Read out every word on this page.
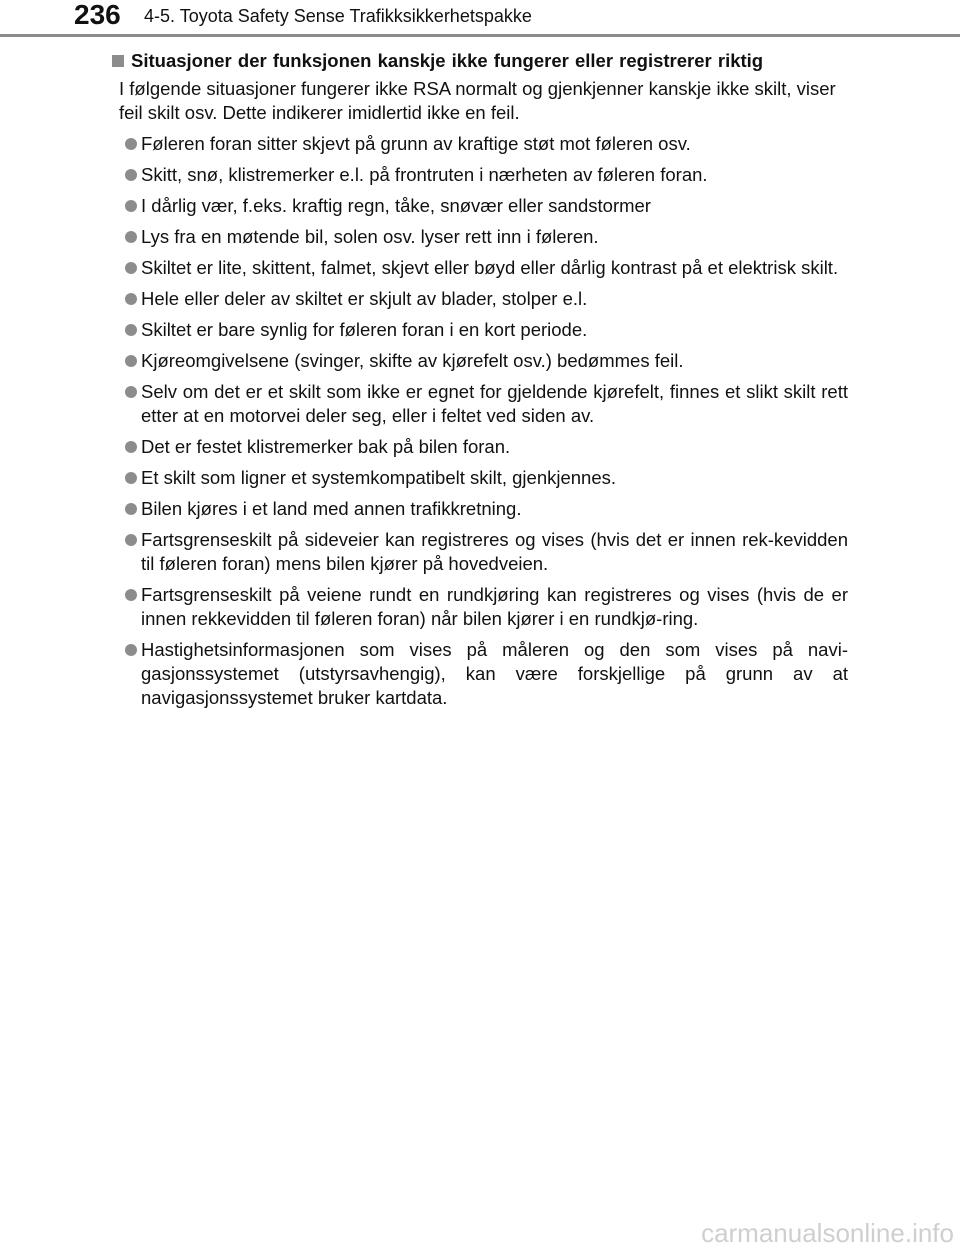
236 4-5. Toyota Safety Sense Trafikksikkerhetspakke
Situasjoner der funksjonen kanskje ikke fungerer eller registrerer riktig
I følgende situasjoner fungerer ikke RSA normalt og gjenkjenner kanskje ikke skilt, viser feil skilt osv. Dette indikerer imidlertid ikke en feil.
Føleren foran sitter skjevt på grunn av kraftige støt mot føleren osv.
Skitt, snø, klistremerker e.l. på frontruten i nærheten av føleren foran.
I dårlig vær, f.eks. kraftig regn, tåke, snøvær eller sandstormer
Lys fra en møtende bil, solen osv. lyser rett inn i føleren.
Skiltet er lite, skittent, falmet, skjevt eller bøyd eller dårlig kontrast på et elektrisk skilt.
Hele eller deler av skiltet er skjult av blader, stolper e.l.
Skiltet er bare synlig for føleren foran i en kort periode.
Kjøreomgivelsene (svinger, skifte av kjørefelt osv.) bedømmes feil.
Selv om det er et skilt som ikke er egnet for gjeldende kjørefelt, finnes et slikt skilt rett etter at en motorvei deler seg, eller i feltet ved siden av.
Det er festet klistremerker bak på bilen foran.
Et skilt som ligner et systemkompatibelt skilt, gjenkjennes.
Bilen kjøres i et land med annen trafikkretning.
Fartsgrenseskilt på sideveier kan registreres og vises (hvis det er innen rek-kevidden til føleren foran) mens bilen kjører på hovedveien.
Fartsgrenseskilt på veiene rundt en rundkjøring kan registreres og vises (hvis de er innen rekkevidden til føleren foran) når bilen kjører i en rundkjø-ring.
Hastighetsinformasjonen som vises på måleren og den som vises på navi-gasjonssystemet (utstyrsavhengig), kan være forskjellige på grunn av at navigasjonssystemet bruker kartdata.
carmanualsonline.info
